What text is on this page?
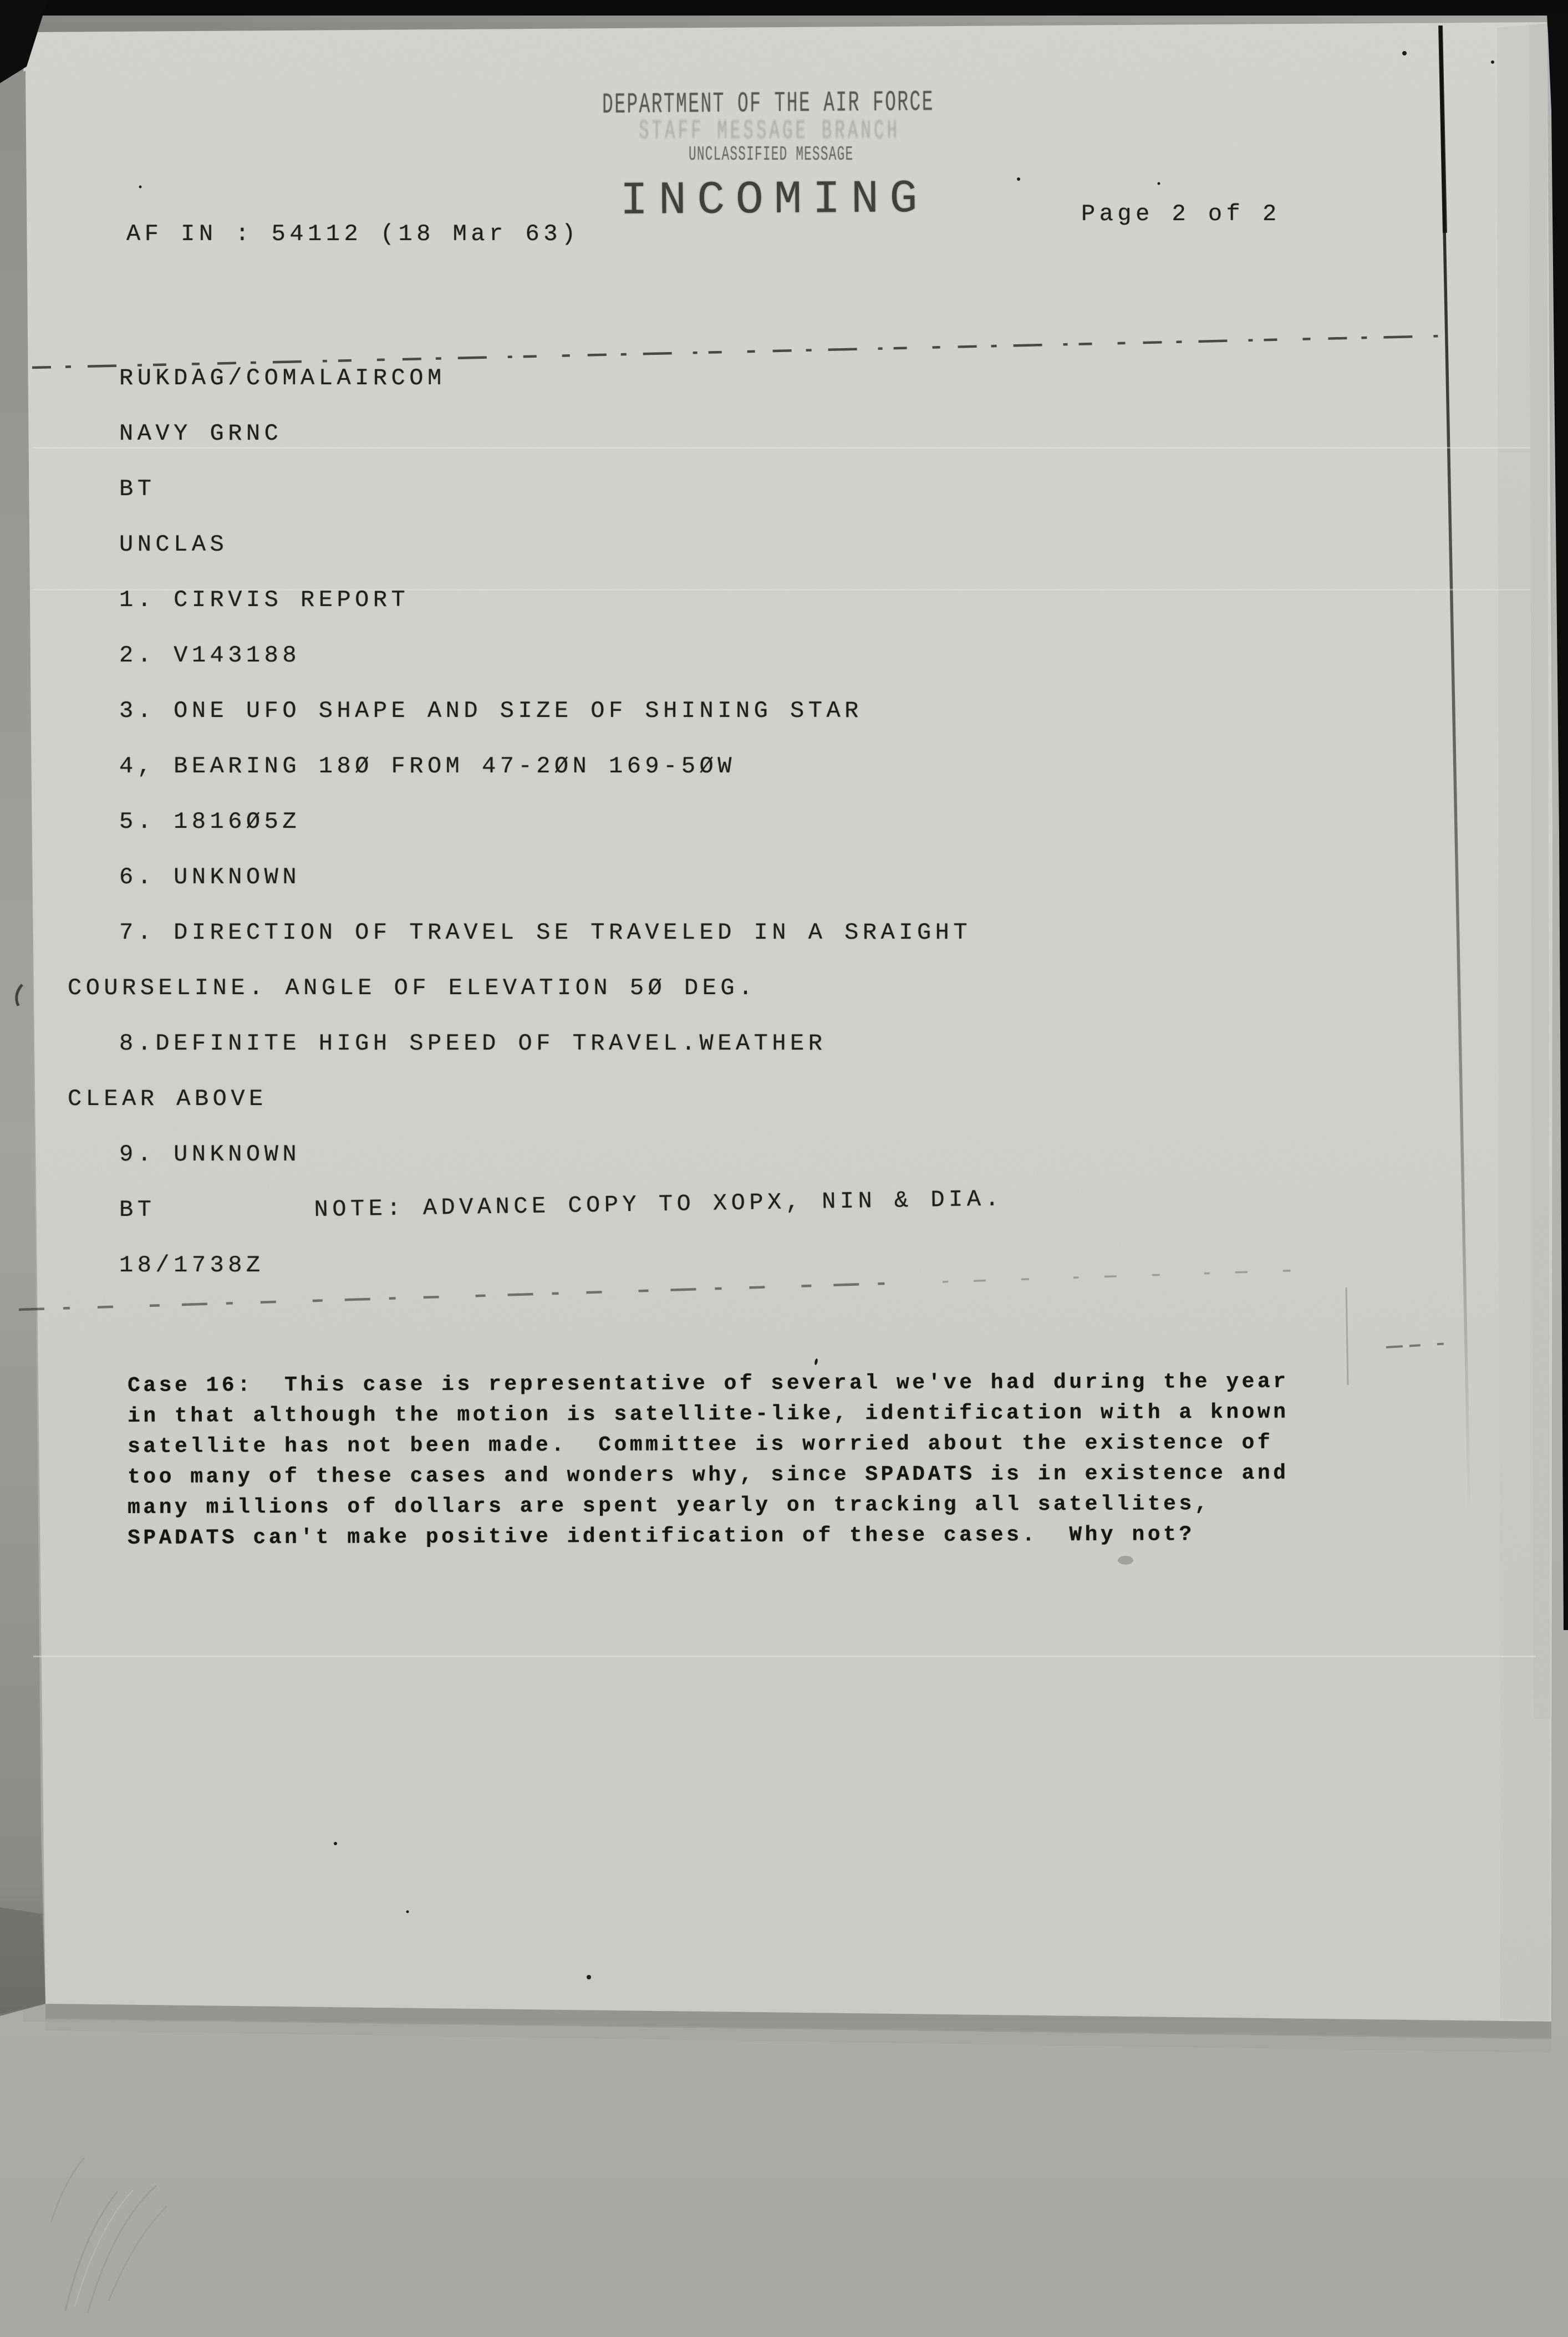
DEPARTMENT OF THE AIR FORCE
STAFF MESSAGE BRANCH
UNCLASSIFIED MESSAGE
INCOMING
AF IN : 54112 (18 Mar 63)
Page 2 of 2
RUKDAG/COMALAIRCOM
NAVY GRNC
BT
UNCLAS
1. CIRVIS REPORT
2. V143188
3. ONE UFO SHAPE AND SIZE OF SHINING STAR
4, BEARING 18Ø FROM 47-2ØN 169-5ØW
5. 1816Ø5Z
6. UNKNOWN
7. DIRECTION OF TRAVEL SE TRAVELED IN A SRAIGHT
COURSELINE. ANGLE OF ELEVATION 5Ø DEG.
8.DEFINITE HIGH SPEED OF TRAVEL.WEATHER
CLEAR ABOVE
9. UNKNOWN
BT	NOTE: ADVANCE COPY TO XOPX, NIN & DIA.
18/1738Z
Case 16:  This case is representative of several we've had during the year
in that although the motion is satellite-like, identification with a known
satellite has not been made.  Committee is worried about the existence of
too many of these cases and wonders why, since SPADATS is in existence and
many millions of dollars are spent yearly on tracking all satellites,
SPADATS can't make positive identification of these cases.  Why not?
